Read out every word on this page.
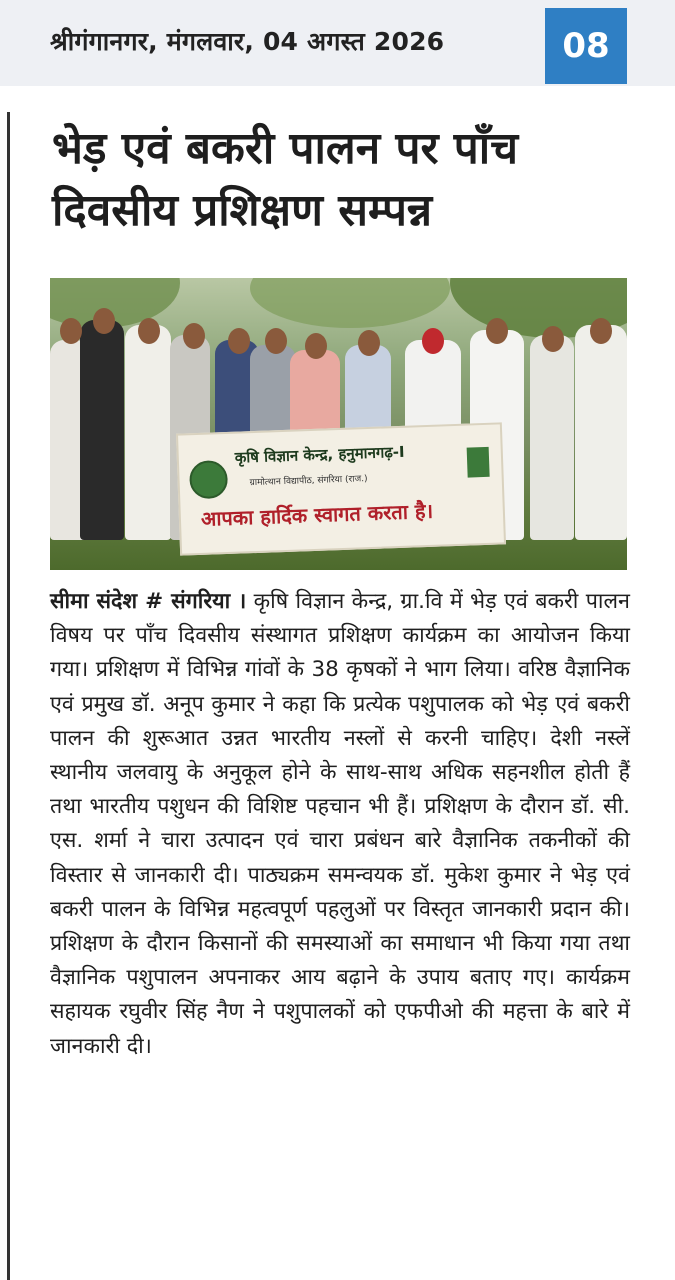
श्रीगंगानगर, मंगलवार, 04 अगस्त 2026	08
भेड़ एवं बकरी पालन पर पाँच
दिवसीय प्रशिक्षण सम्पन्न
कृषि विज्ञान केन्द्र, हनुमानगढ़-I
ग्रामोत्थान विद्यापीठ, संगरिया (राज.)
आपका हार्दिक स्वागत करता है।

सीमा संदेश # संगरिया । कृषि विज्ञान केन्द्र, ग्रा.वि में भेड़ एवं बकरी पालन विषय पर पाँच दिवसीय संस्थागत प्रशिक्षण कार्यक्रम का आयोजन किया गया। प्रशिक्षण में विभिन्न गांवों के 38 कृषकों ने भाग लिया। वरिष्ठ वैज्ञानिक एवं प्रमुख डॉ. अनूप कुमार ने कहा कि प्रत्येक पशुपालक को भेड़ एवं बकरी पालन की शुरूआत उन्नत भारतीय नस्लों से करनी चाहिए। देशी नस्लें स्थानीय जलवायु के अनुकूल होने के साथ-साथ अधिक सहनशील होती हैं तथा भारतीय पशुधन की विशिष्ट पहचान भी हैं। प्रशिक्षण के दौरान डॉ. सी. एस. शर्मा ने चारा उत्पादन एवं चारा प्रबंधन बारे वैज्ञानिक तकनीकों की विस्तार से जानकारी दी। पाठ्यक्रम समन्वयक डॉ. मुकेश कुमार ने भेड़ एवं बकरी पालन के विभिन्न महत्वपूर्ण पहलुओं पर विस्तृत जानकारी प्रदान की। प्रशिक्षण के दौरान किसानों की समस्याओं का समाधान भी किया गया तथा वैज्ञानिक पशुपालन अपनाकर आय बढ़ाने के उपाय बताए गए। कार्यक्रम सहायक रघुवीर सिंह नैण ने पशुपालकों को एफपीओ की महत्ता के बारे में जानकारी दी।
